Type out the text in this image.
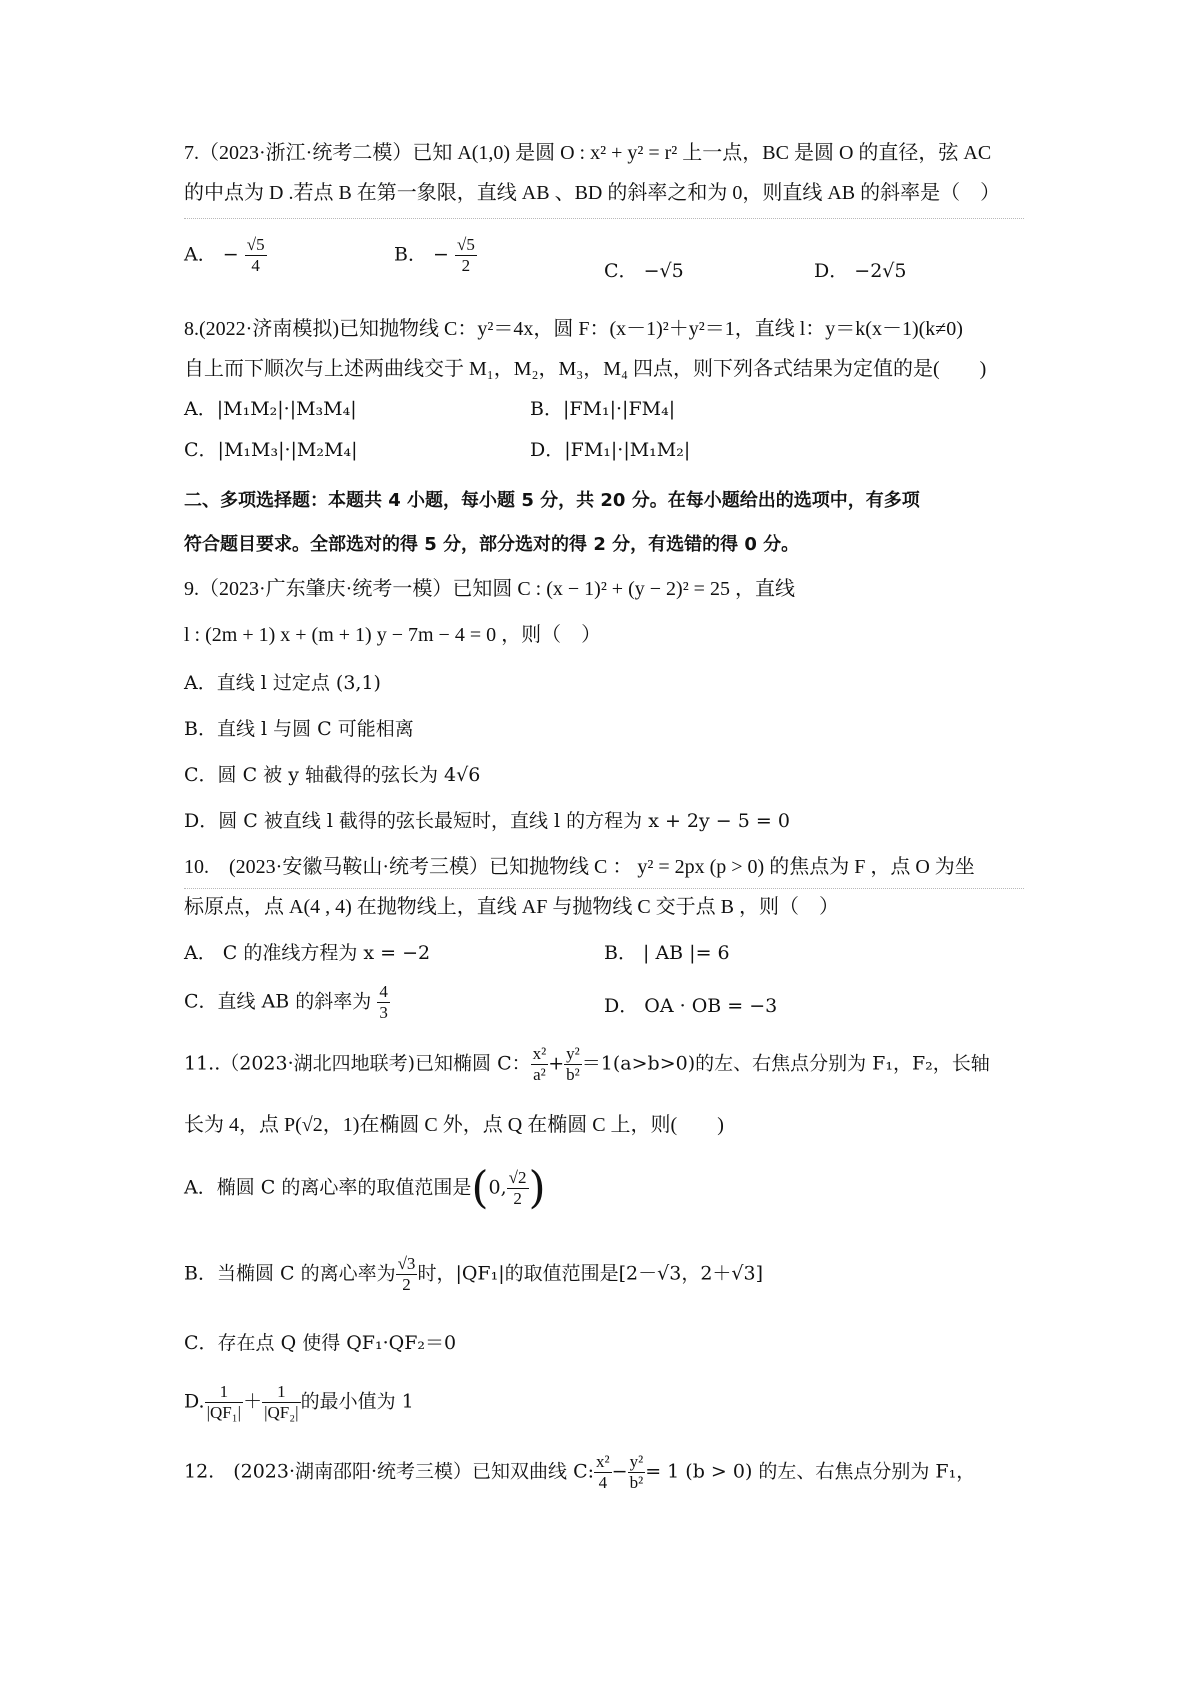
7.（2023·浙江·统考二模）已知 A(1,0) 是圆 O : x² + y² = r² 上一点，BC 是圆 O 的直径，弦 AC
的中点为 D .若点 B 在第一象限，直线 AB 、BD 的斜率之和为 0，则直线 AB 的斜率是（　）
A． − $\frac{√5}{4}$	B． − $\frac{√5}{2}$	C． −√5	D． −2√5
8.(2022·济南模拟)已知抛物线 C：y²＝4x，圆 F：(x－1)²＋y²＝1，直线 l：y＝k(x－1)(k≠0)
自上而下顺次与上述两曲线交于 M₁，M₂，M₃，M₄ 四点，则下列各式结果为定值的是(　　)
A．|M₁M₂|·|M₃M₄|	B．|FM₁|·|FM₄|
C．|M₁M₃|·|M₂M₄|	D．|FM₁|·|M₁M₂|
二、多项选择题：本题共 4 小题，每小题 5 分，共 20 分。在每小题给出的选项中，有多项
符合题目要求。全部选对的得 5 分，部分选对的得 2 分，有选错的得 0 分。
9.（2023·广东肇庆·统考一模）已知圆 C : (x − 1)² + (y − 2)² = 25 ，直线
l : (2m + 1) x + (m + 1) y − 7m − 4 = 0 ，则（　）
A．直线 l 过定点 (3,1)
B．直线 l 与圆 C 可能相离
C．圆 C 被 y 轴截得的弦长为 4√6
D．圆 C 被直线 l 截得的弦长最短时，直线 l 的方程为 x + 2y − 5 = 0
10.　(2023·安徽马鞍山·统考三模）已知抛物线 C ： y² = 2px (p > 0) 的焦点为 F ，点 O 为坐
标原点，点 A(4 , 4) 在抛物线上，直线 AF 与抛物线 C 交于点 B ，则（　）
A． C 的准线方程为 x = −2	B． | AB |= 6
C．直线 AB 的斜率为 $\frac{4}{3}$	D． OA · OB = −3
11..（2023·湖北四地联考)已知椭圆 C： $\frac{\text{x²}}{\text{a²}} + \frac{\text{y²}}{\text{b²}} =1(a>b>0)$的左、右焦点分别为 F₁，F₂，长轴
长为 4，点 P(√2，1)在椭圆 C 外，点 Q 在椭圆 C 上，则(　　)
A．椭圆 C 的离心率的取值范围是(0, $\frac{√2}{2}$ )
B．当椭圆 C 的离心率为 $\frac{√3}{2}$ 时，|QF₁|的取值范围是[2－√3，2＋√3]
C．存在点 Q 使得 QF₁·QF₂＝0
D. $\frac{1}{\text{|QF₁|}} + \frac{1}{\text{|QF₂|}}$ 的最小值为 1
12.　(2023·湖南邵阳·统考三模）已知双曲线 C: $\frac{\text{x²}}{4} - \frac{\text{y²}}{\text{b²}} = 1$ (b > 0) 的左、右焦点分别为 F₁，
